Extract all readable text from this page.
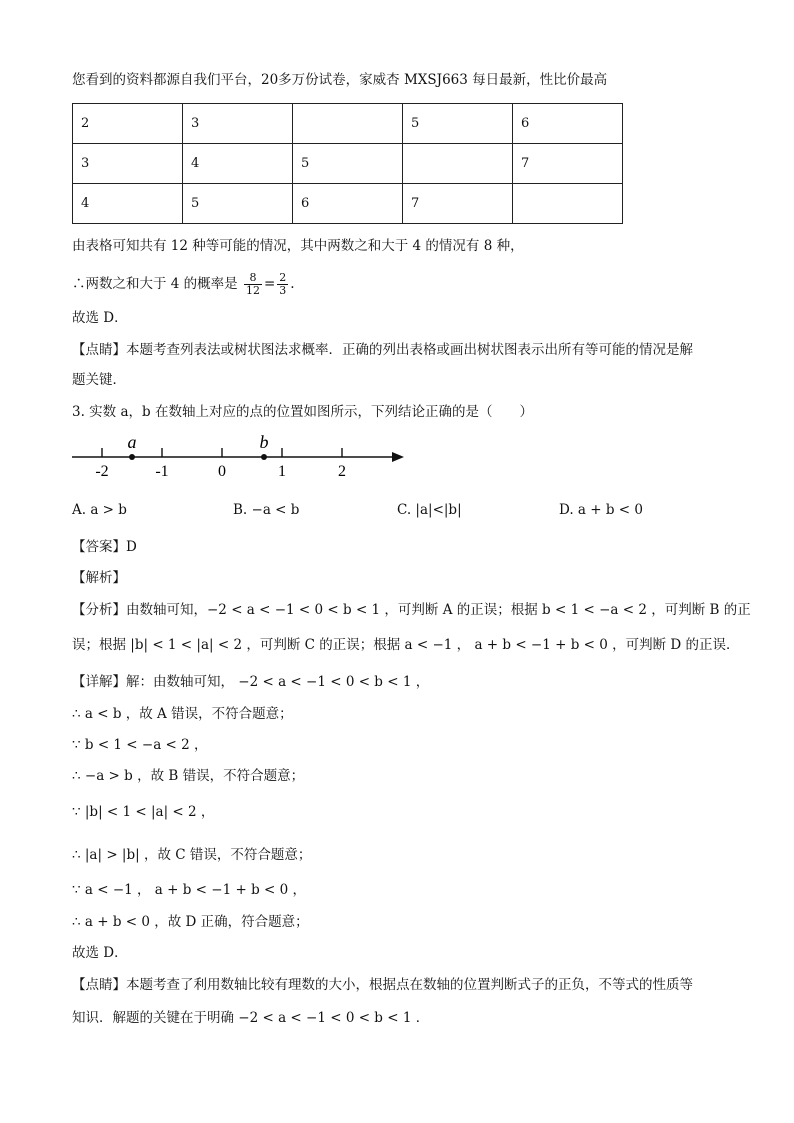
您看到的资料都源自我们平台，20多万份试卷，家威杏 MXSJ663 每日最新，性比价最高
2	3		5	6
3	4	5		7
4	5	6	7	
由表格可知共有 12 种等可能的情况，其中两数之和大于 4 的情况有 8 种，
∴两数之和大于 4 的概率是 $\frac{8}{12} = \frac{2}{3}$ .
故选 D．
【点睛】本题考查列表法或树状图法求概率．正确的列出表格或画出树状图表示出所有等可能的情况是解
题关键．
3. 实数 a，b 在数轴上对应的点的位置如图所示，下列结论正确的是（　　）
-2	-1	0	1	2
a	b
A. a > b	B. −a < b	C. |a|<|b|	D. a + b < 0
【答案】D
【解析】
【分析】由数轴可知，−2 < a < −1 < 0 < b < 1 ，可判断 A 的正误；根据 b < 1 < −a < 2 ，可判断 B 的正
误；根据 |b| < 1 < |a| < 2 ，可判断 C 的正误；根据 a < −1 ， a + b < −1 + b < 0 ，可判断 D 的正误．
【详解】解：由数轴可知， −2 < a < −1 < 0 < b < 1 ，
∴ a < b ，故 A 错误，不符合题意；
∵ b < 1 < −a < 2 ，
∴ −a > b ，故 B 错误，不符合题意；
∵ |b| < 1 < |a| < 2 ，
∴ |a| > |b| ，故 C 错误，不符合题意；
∵ a < −1 ， a + b < −1 + b < 0 ，
∴ a + b < 0 ，故 D 正确，符合题意；
故选 D．
【点睛】本题考查了利用数轴比较有理数的大小，根据点在数轴的位置判断式子的正负，不等式的性质等
知识．解题的关键在于明确 −2 < a < −1 < 0 < b < 1 ．
